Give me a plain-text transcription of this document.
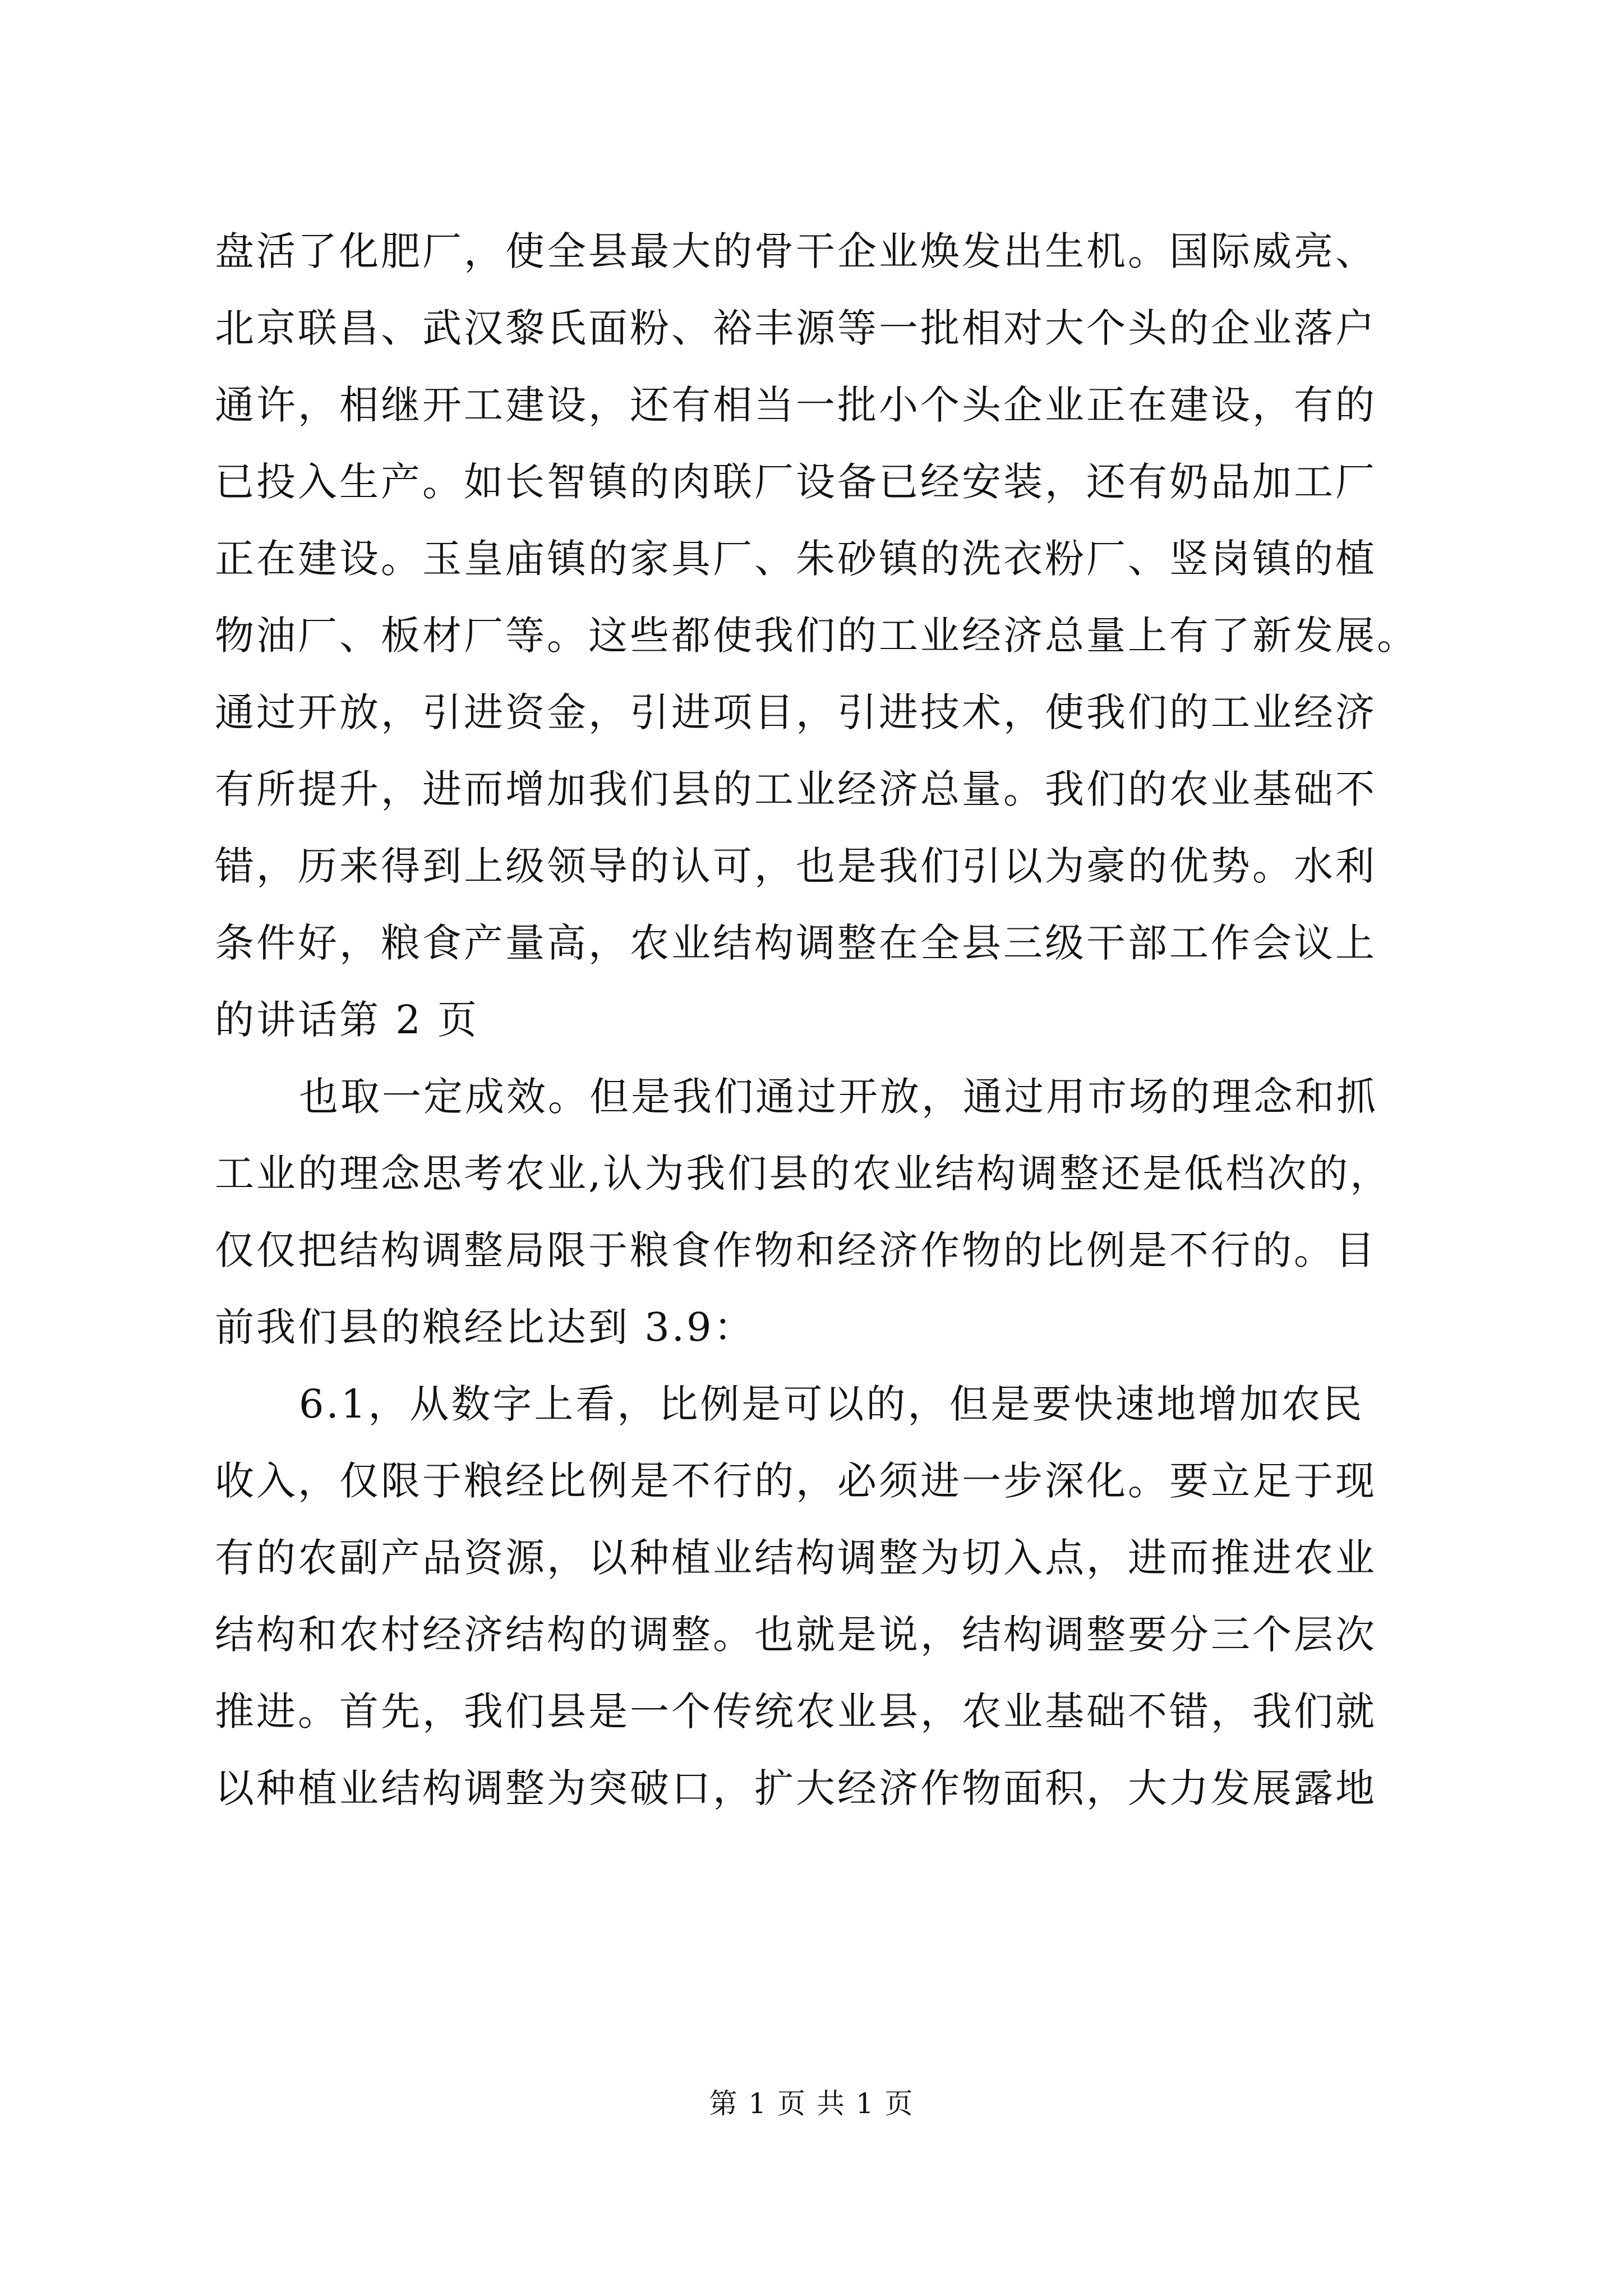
盘活了化肥厂，使全县最大的骨干企业焕发出生机。国际威亮、
北京联昌、武汉黎氏面粉、裕丰源等一批相对大个头的企业落户
通许，相继开工建设，还有相当一批小个头企业正在建设，有的
已投入生产。如长智镇的肉联厂设备已经安装，还有奶品加工厂
正在建设。玉皇庙镇的家具厂、朱砂镇的洗衣粉厂、竖岗镇的植
物油厂、板材厂等。这些都使我们的工业经济总量上有了新发展。
通过开放，引进资金，引进项目，引进技术，使我们的工业经济
有所提升，进而增加我们县的工业经济总量。我们的农业基础不
错，历来得到上级领导的认可，也是我们引以为豪的优势。水利
条件好，粮食产量高，农业结构调整在全县三级干部工作会议上
的讲话第 2 页
也取一定成效。但是我们通过开放，通过用市场的理念和抓
工业的理念思考农业,认为我们县的农业结构调整还是低档次的，
仅仅把结构调整局限于粮食作物和经济作物的比例是不行的。目
前我们县的粮经比达到 3.9：
6.1，从数字上看，比例是可以的，但是要快速地增加农民
收入，仅限于粮经比例是不行的，必须进一步深化。要立足于现
有的农副产品资源，以种植业结构调整为切入点，进而推进农业
结构和农村经济结构的调整。也就是说，结构调整要分三个层次
推进。首先，我们县是一个传统农业县，农业基础不错，我们就
以种植业结构调整为突破口，扩大经济作物面积，大力发展露地
第 1 页 共 1 页
